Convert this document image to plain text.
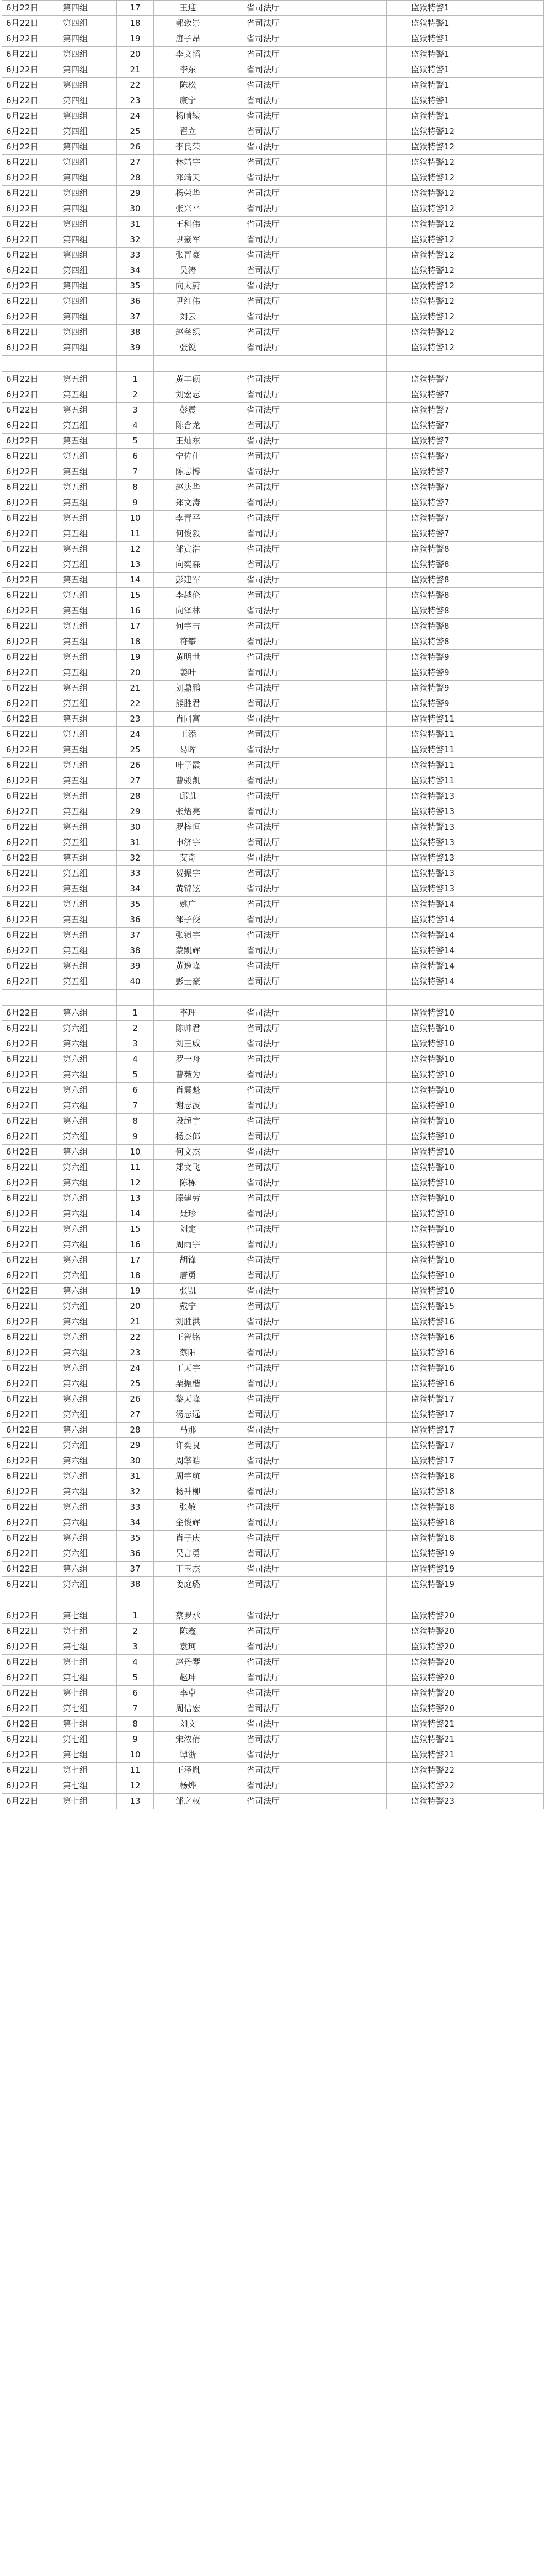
6月22日	第四组	17	王迎	省司法厅	监狱特警1
6月22日	第四组	18	郭致崇	省司法厅	监狱特警1
6月22日	第四组	19	唐子昂	省司法厅	监狱特警1
6月22日	第四组	20	李文韬	省司法厅	监狱特警1
6月22日	第四组	21	李东	省司法厅	监狱特警1
6月22日	第四组	22	陈松	省司法厅	监狱特警1
6月22日	第四组	23	康宁	省司法厅	监狱特警1
6月22日	第四组	24	杨晴辕	省司法厅	监狱特警1
6月22日	第四组	25	翟立	省司法厅	监狱特警12
6月22日	第四组	26	李良荣	省司法厅	监狱特警12
6月22日	第四组	27	林靖宇	省司法厅	监狱特警12
6月22日	第四组	28	邓靖天	省司法厅	监狱特警12
6月22日	第四组	29	杨荣华	省司法厅	监狱特警12
6月22日	第四组	30	张兴平	省司法厅	监狱特警12
6月22日	第四组	31	王科伟	省司法厅	监狱特警12
6月22日	第四组	32	尹豪军	省司法厅	监狱特警12
6月22日	第四组	33	张晋豪	省司法厅	监狱特警12
6月22日	第四组	34	吴涛	省司法厅	监狱特警12
6月22日	第四组	35	向太蔚	省司法厅	监狱特警12
6月22日	第四组	36	尹红伟	省司法厅	监狱特警12
6月22日	第四组	37	刘云	省司法厅	监狱特警12
6月22日	第四组	38	赵慈织	省司法厅	监狱特警12
6月22日	第四组	39	张锐	省司法厅	监狱特警12

6月22日	第五组	1	黄丰硕	省司法厅	监狱特警7
6月22日	第五组	2	刘宏志	省司法厅	监狱特警7
6月22日	第五组	3	彭震	省司法厅	监狱特警7
6月22日	第五组	4	陈含龙	省司法厅	监狱特警7
6月22日	第五组	5	王灿东	省司法厅	监狱特警7
6月22日	第五组	6	宁佐仕	省司法厅	监狱特警7
6月22日	第五组	7	陈志博	省司法厅	监狱特警7
6月22日	第五组	8	赵庆华	省司法厅	监狱特警7
6月22日	第五组	9	郑文涛	省司法厅	监狱特警7
6月22日	第五组	10	李青平	省司法厅	监狱特警7
6月22日	第五组	11	何俊毅	省司法厅	监狱特警7
6月22日	第五组	12	邹寅浩	省司法厅	监狱特警8
6月22日	第五组	13	向奕森	省司法厅	监狱特警8
6月22日	第五组	14	彭建军	省司法厅	监狱特警8
6月22日	第五组	15	李越伦	省司法厅	监狱特警8
6月22日	第五组	16	向泽林	省司法厅	监狱特警8
6月22日	第五组	17	何宇吉	省司法厅	监狱特警8
6月22日	第五组	18	符攀	省司法厅	监狱特警8
6月22日	第五组	19	黄明世	省司法厅	监狱特警9
6月22日	第五组	20	姜叶	省司法厅	监狱特警9
6月22日	第五组	21	刘鼎鹏	省司法厅	监狱特警9
6月22日	第五组	22	熊胜君	省司法厅	监狱特警9
6月22日	第五组	23	肖同富	省司法厅	监狱特警11
6月22日	第五组	24	王添	省司法厅	监狱特警11
6月22日	第五组	25	易晖	省司法厅	监狱特警11
6月22日	第五组	26	叶子霞	省司法厅	监狱特警11
6月22日	第五组	27	曹骏凯	省司法厅	监狱特警11
6月22日	第五组	28	邱凯	省司法厅	监狱特警13
6月22日	第五组	29	张熠亮	省司法厅	监狱特警13
6月22日	第五组	30	罗梓恒	省司法厅	监狱特警13
6月22日	第五组	31	申济宇	省司法厅	监狱特警13
6月22日	第五组	32	艾奇	省司法厅	监狱特警13
6月22日	第五组	33	贺振宇	省司法厅	监狱特警13
6月22日	第五组	34	黄锦铉	省司法厅	监狱特警13
6月22日	第五组	35	姚广	省司法厅	监狱特警14
6月22日	第五组	36	邹子佼	省司法厅	监狱特警14
6月22日	第五组	37	张镇宇	省司法厅	监狱特警14
6月22日	第五组	38	蒙凯辉	省司法厅	监狱特警14
6月22日	第五组	39	黄逸峰	省司法厅	监狱特警14
6月22日	第五组	40	彭士豪	省司法厅	监狱特警14

6月22日	第六组	1	李理	省司法厅	监狱特警10
6月22日	第六组	2	陈帅君	省司法厅	监狱特警10
6月22日	第六组	3	刘王威	省司法厅	监狱特警10
6月22日	第六组	4	罗一舟	省司法厅	监狱特警10
6月22日	第六组	5	曹薇为	省司法厅	监狱特警10
6月22日	第六组	6	肖震魁	省司法厅	监狱特警10
6月22日	第六组	7	谢志波	省司法厅	监狱特警10
6月22日	第六组	8	段超宇	省司法厅	监狱特警10
6月22日	第六组	9	杨杰郎	省司法厅	监狱特警10
6月22日	第六组	10	何文杰	省司法厅	监狱特警10
6月22日	第六组	11	郑文飞	省司法厅	监狱特警10
6月22日	第六组	12	陈栋	省司法厅	监狱特警10
6月22日	第六组	13	滕建劳	省司法厅	监狱特警10
6月22日	第六组	14	聂珍	省司法厅	监狱特警10
6月22日	第六组	15	刘定	省司法厅	监狱特警10
6月22日	第六组	16	周雨宇	省司法厅	监狱特警10
6月22日	第六组	17	胡锋	省司法厅	监狱特警10
6月22日	第六组	18	唐勇	省司法厅	监狱特警10
6月22日	第六组	19	张凯	省司法厅	监狱特警10
6月22日	第六组	20	戴宁	省司法厅	监狱特警15
6月22日	第六组	21	刘胜洪	省司法厅	监狱特警16
6月22日	第六组	22	王智铭	省司法厅	监狱特警16
6月22日	第六组	23	蔡阳	省司法厅	监狱特警16
6月22日	第六组	24	丁天宇	省司法厅	监狱特警16
6月22日	第六组	25	栗振楷	省司法厅	监狱特警16
6月22日	第六组	26	黎天峰	省司法厅	监狱特警17
6月22日	第六组	27	汤志远	省司法厅	监狱特警17
6月22日	第六组	28	马那	省司法厅	监狱特警17
6月22日	第六组	29	许奕良	省司法厅	监狱特警17
6月22日	第六组	30	周擎皓	省司法厅	监狱特警17
6月22日	第六组	31	周宇航	省司法厅	监狱特警18
6月22日	第六组	32	杨升柳	省司法厅	监狱特警18
6月22日	第六组	33	张敬	省司法厅	监狱特警18
6月22日	第六组	34	金俊辉	省司法厅	监狱特警18
6月22日	第六组	35	肖子庆	省司法厅	监狱特警18
6月22日	第六组	36	吴言勇	省司法厅	监狱特警19
6月22日	第六组	37	丁玉杰	省司法厅	监狱特警19
6月22日	第六组	38	姜庭璐	省司法厅	监狱特警19

6月22日	第七组	1	蔡罗承	省司法厅	监狱特警20
6月22日	第七组	2	陈鑫	省司法厅	监狱特警20
6月22日	第七组	3	袁珂	省司法厅	监狱特警20
6月22日	第七组	4	赵丹琴	省司法厅	监狱特警20
6月22日	第七组	5	赵坤	省司法厅	监狱特警20
6月22日	第七组	6	李卓	省司法厅	监狱特警20
6月22日	第七组	7	周信宏	省司法厅	监狱特警20
6月22日	第七组	8	刘文	省司法厅	监狱特警21
6月22日	第七组	9	宋浓倩	省司法厅	监狱特警21
6月22日	第七组	10	谭浙	省司法厅	监狱特警21
6月22日	第七组	11	王泽胤	省司法厅	监狱特警22
6月22日	第七组	12	杨烨	省司法厅	监狱特警22
6月22日	第七组	13	邹之权	省司法厅	监狱特警23
